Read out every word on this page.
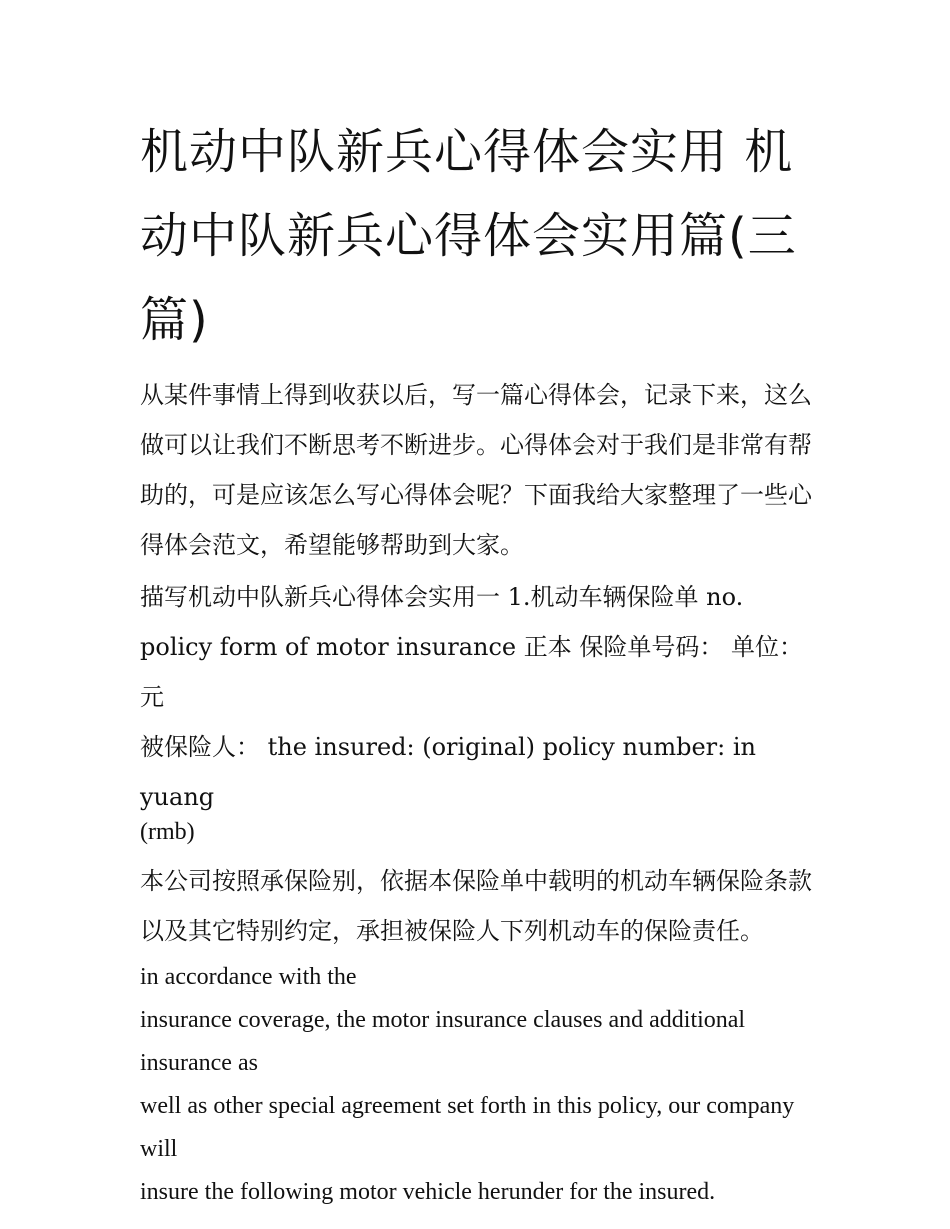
机动中队新兵心得体会实用 机动中队新兵心得体会实用篇(三篇)

从某件事情上得到收获以后，写一篇心得体会，记录下来，这么做可以让我们不断思考不断进步。心得体会对于我们是非常有帮助的，可是应该怎么写心得体会呢？下面我给大家整理了一些心得体会范文，希望能够帮助到大家。

描写机动中队新兵心得体会实用一 1.机动车辆保险单 no.

policy form of motor insurance 正本 保险单号码： 单位：元

被保险人： the insured: (original) policy number: in yuang

(rmb)

本公司按照承保险别，依据本保险单中载明的机动车辆保险条款以及其它特别约定，承担被保险人下列机动车的保险责任。

in accordance with the

insurance coverage, the motor insurance clauses and additional insurance as

well as other special agreement set forth in this policy, our company will

insure the following motor vehicle herunder for the insured.
